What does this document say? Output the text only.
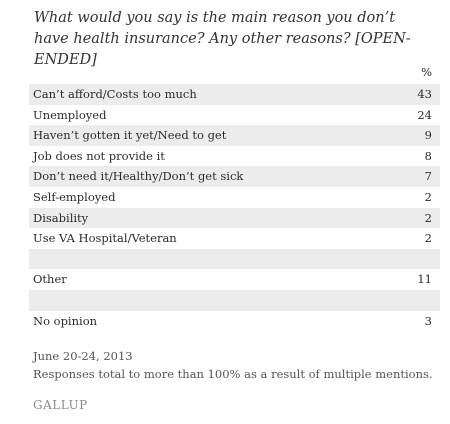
What would you say is the main reason you don’t have health insurance? Any other reasons? [OPEN-ENDED]
%
Can’t afford/Costs too much	43
Unemployed	24
Haven’t gotten it yet/Need to get	9
Job does not provide it	8
Don’t need it/Healthy/Don’t get sick	7
Self-employed	2
Disability	2
Use VA Hospital/Veteran	2
Other	11
No opinion	3
June 20-24, 2013
Responses total to more than 100% as a result of multiple mentions.
GALLUP
